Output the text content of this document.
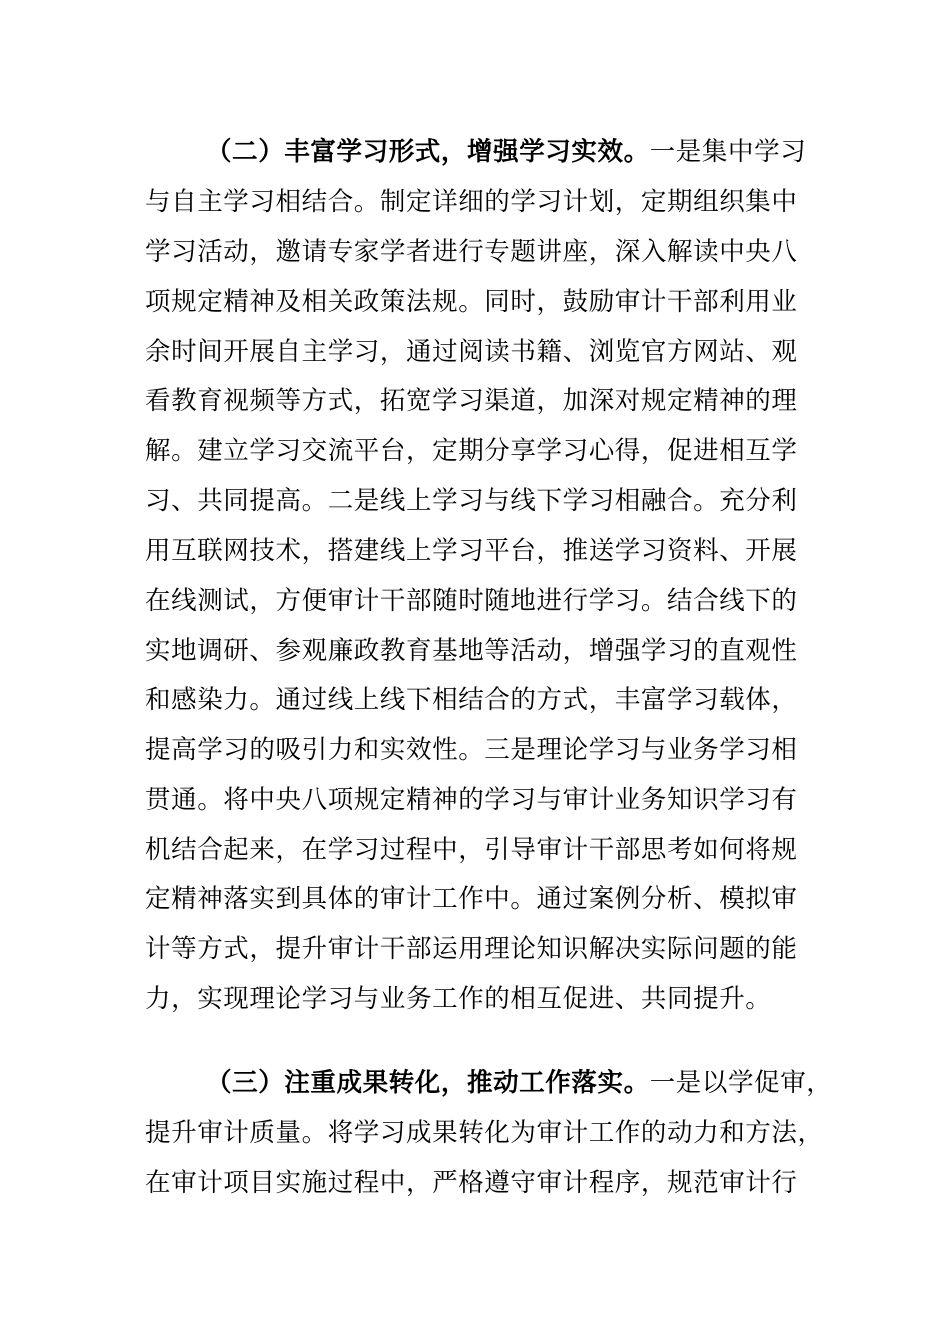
（二）丰富学习形式，增强学习实效。一是集中学习
与自主学习相结合。制定详细的学习计划，定期组织集中
学习活动，邀请专家学者进行专题讲座，深入解读中央八
项规定精神及相关政策法规。同时，鼓励审计干部利用业
余时间开展自主学习，通过阅读书籍、浏览官方网站、观
看教育视频等方式，拓宽学习渠道，加深对规定精神的理
解。建立学习交流平台，定期分享学习心得，促进相互学
习、共同提高。二是线上学习与线下学习相融合。充分利
用互联网技术，搭建线上学习平台，推送学习资料、开展
在线测试，方便审计干部随时随地进行学习。结合线下的
实地调研、参观廉政教育基地等活动，增强学习的直观性
和感染力。通过线上线下相结合的方式，丰富学习载体，
提高学习的吸引力和实效性。三是理论学习与业务学习相
贯通。将中央八项规定精神的学习与审计业务知识学习有
机结合起来，在学习过程中，引导审计干部思考如何将规
定精神落实到具体的审计工作中。通过案例分析、模拟审
计等方式，提升审计干部运用理论知识解决实际问题的能
力，实现理论学习与业务工作的相互促进、共同提升。
（三）注重成果转化，推动工作落实。一是以学促审，
提升审计质量。将学习成果转化为审计工作的动力和方法，
在审计项目实施过程中，严格遵守审计程序，规范审计行
